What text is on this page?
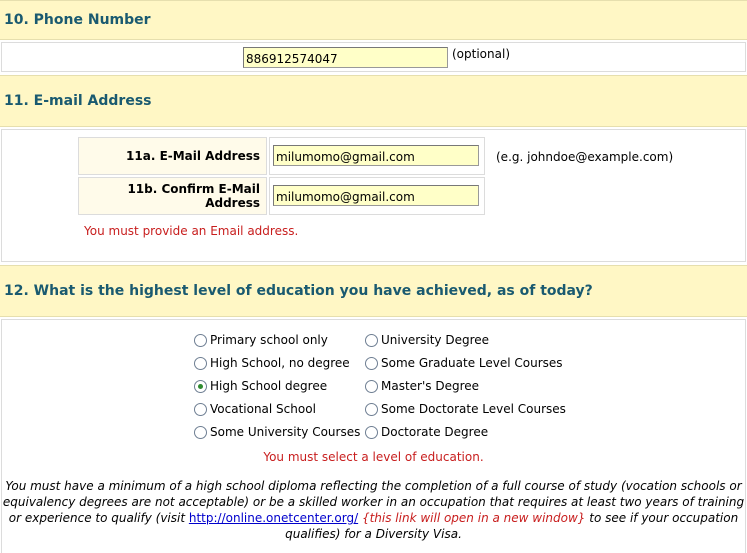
10. Phone Number
886912574047
(optional)
11. E-mail Address
11a. E-Mail Address
milumomo@gmail.com	(e.g. johndoe@example.com)
11b. Confirm E-Mail Address
milumomo@gmail.com
You must provide an Email address.
12. What is the highest level of education you have achieved, as of today?
Primary school only
High School, no degree
High School degree
Vocational School
Some University Courses
University Degree
Some Graduate Level Courses
Master's Degree
Some Doctorate Level Courses
Doctorate Degree
You must select a level of education.
You must have a minimum of a high school diploma reflecting the completion of a full course of study (vocation schools or equivalency degrees are not acceptable) or be a skilled worker in an occupation that requires at least two years of training or experience to qualify (visit http://online.onetcenter.org/ {this link will open in a new window} to see if your occupation qualifies) for a Diversity Visa.
